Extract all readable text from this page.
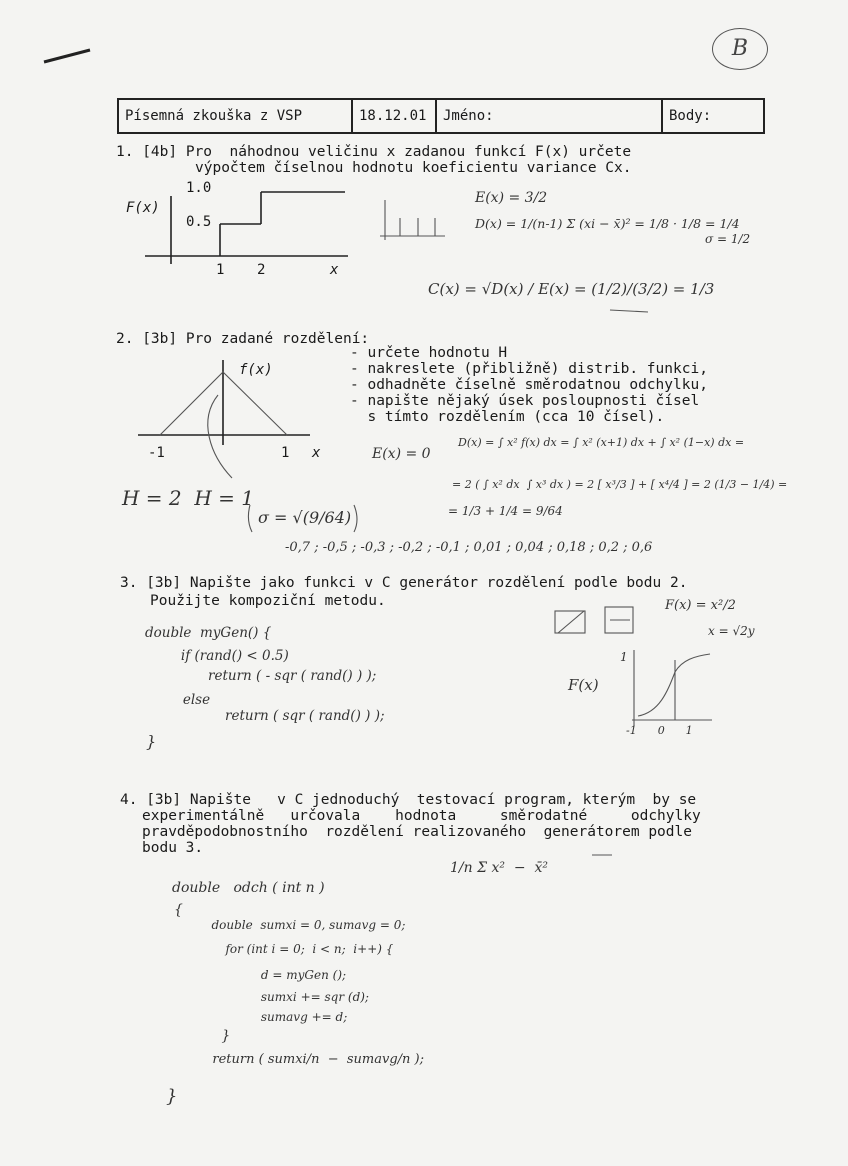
B
Písemná zkouška z VSP	18.12.01	Jméno:	Body:
1. [4b] Pro  náhodnou veličinu x zadanou funkcí F(x) určete
výpočtem číselnou hodnotu koeficientu variance Cx.
F(x)
1.0
0.5
1 2	x
E(x) = 3/2
D(x) = 1/(n-1) Σ (xi − x̄)² = 1/8 · 1/8 = 1/4
σ = 1/2
C(x) = √D(x) / E(x) = (1/2)/(3/2) = 1/3
2. [3b] Pro zadané rozdělení:
- určete hodnotu H
- nakreslete (přibližně) distrib. funkci,
- odhadněte číselně směrodatnou odchylku,
- napište nějaký úsek posloupnosti čísel
s tímto rozdělením (cca 10 čísel).
f(x)
-1	1 x	E(x) = 0
D(x) = ∫ x² f(x) dx = ∫ x² (x+1) dx + ∫ x² (1−x) dx =
= 2 ( ∫ x² dx  ∫ x³ dx ) = 2 [ x³/3 ] + [ x⁴/4 ] = 2 (1/3 − 1/4) =
= 1/3 + 1/4 = 9/64
H = 2  H = 1
σ = √(9/64)
-0,7 ; -0,5 ; -0,3 ; -0,2 ; -0,1 ; 0,01 ; 0,04 ; 0,18 ; 0,2 ; 0,6
3. [3b] Napište jako funkci v C generátor rozdělení podle bodu 2.
Použijte kompoziční metodu.
double  myGen() {
if (rand() < 0.5)
return ( - sqr ( rand() ) );
else
return ( sqr ( rand() ) );
}
F(x) = x²/2
x = √2y
F(x)
1
-1      0      1
4. [3b] Napište   v C jednoduchý  testovací program, kterým  by se
experimentálně   určovala    hodnota     směrodatné     odchylky
pravděpodobnostního  rozdělení realizovaného  generátorem podle
bodu 3.
1/n Σ x²  −  x̄²
double   odch ( int n )
{
double  sumxi = 0, sumavg = 0;
for (int i = 0;  i < n;  i++) {
d = myGen ();
sumxi += sqr (d);
sumavg += d;
}
return ( sumxi/n  −  sumavg/n );
}
